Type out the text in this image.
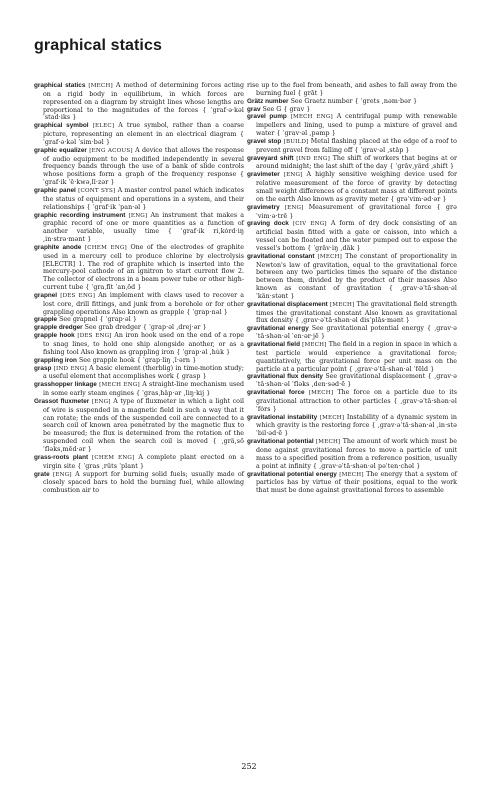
graphical statics

graphical statics [MECH] A method of determining forces acting on a rigid body in equilibrium, in which forces are represented on a diagram by straight lines whose lengths are proportional to the magnitudes of the forces { ˈgraf·ə·kəl ˈstad·iks }

graphical symbol [ELEC] A true symbol, rather than a coarse picture, representing an element in an electrical diagram { ˈgraf·ə·kəl ˈsim·bəl }

graphic equalizer [ENG ACOUS] A device that allows the response of audio equipment to be modified independently in several frequency bands through the use of a bank of slide controls whose positions form a graph of the frequency response { ˈgraf·ik ˈē·kwə‚lī·zər }

graphic panel [CONT SYS] A master control panel which indicates the status of equipment and operations in a system, and their relationships { ˈgraf·ik ˈpan·əl }

graphic recording instrument [ENG] An instrument that makes a graphic record of one or more quantities as a function of another variable, usually time { ˈgraf·ik ri‚kȯrd·iŋ ‚in·strə·mənt }

graphite anode [CHEM ENG] One of the electrodes of graphite used in a mercury cell to produce chlorine by electrolysis [ELECTR] 1. The rod of graphite which is inserted into the mercury-pool cathode of an ignitron to start current flow 2. The collector of electrons in a beam power tube or other high-current tube { ˈgraˌfīt ˈanˌōd }

grapnel [DES ENG] An implement with claws used to recover a lost core, drill fittings, and junk from a borehole or for other grappling operations Also known as grapple { ˈgrap·nəl }

grapple See grapnel { ˈgrap·əl }

grapple dredger See grab dredger { ˈgrap·əl ‚drej·ər }

grapple hook [DES ENG] An iron hook used on the end of a rope to snag lines, to hold one ship alongside another, or as a fishing tool Also known as grappling iron { ˈgrap·əl ‚hu̇k }

grappling iron See grapple hook { ˈgrap·liŋ ‚ī·ərn }

grasp [IND ENG] A basic element (therblig) in time-motion study; a useful element that accomplishes work { grasp }

grasshopper linkage [MECH ENG] A straight-line mechanism used in some early steam engines { ˈgrasˌhäp·ər ‚liŋ·kij }

Grassot fluxmeter [ENG] A type of fluxmeter in which a light coil of wire is suspended in a magnetic field in such a way that it can rotate; the ends of the suspended coil are connected to a search coil of known area penetrated by the magnetic flux to be measured; the flux is determined from the rotation of the suspended coil when the search coil is moved { ‚grä‚sō ˈfləks‚mēd·ər }

grass-roots plant [CHEM ENG] A complete plant erected on a virgin site { ˈgras ‚rüts ˈplant }

grate [ENG] A support for burning solid fuels; usually made of closely spaced bars to hold the burning fuel, while allowing combustion air to

rise up to the fuel from beneath, and ashes to fall away from the burning fuel { grāt }

Grätz number See Graetz number { ˈgrets ‚nəm·bər }

grav See G { grav }

gravel pump [MECH ENG] A centrifugal pump with renewable impellers and lining, used to pump a mixture of gravel and water { ˈgrav·əl ‚pəmp }

gravel stop [BUILD] Metal flashing placed at the edge of a roof to prevent gravel from falling off { ˈgrav·əl ‚stäp }

graveyard shift [IND ENG] The shift of workers that begins at or around midnight; the last shift of the day { ˈgrāv‚yärd ‚shift }

gravimeter [ENG] A highly sensitive weighing device used for relative measurement of the force of gravity by detecting small weight differences of a constant mass at different points on the earth Also known as gravity meter { grəˈvim·əd·ər }

gravimetry [ENG] Measurement of gravitational force { grəˈvim·ə·trē }

graving dock [CIV ENG] A form of dry dock consisting of an artificial basin fitted with a gate or caisson, into which a vessel can be floated and the water pumped out to expose the vessel's bottom { ˈgrāv·iŋ ‚däk }

gravitational constant [MECH] The constant of proportionality in Newton's law of gravitation, equal to the gravitational force between any two particles times the square of the distance between them, divided by the product of their masses Also known as constant of gravitation { ‚grav·əˈtā·shən·əl ˈkän·stənt }

gravitational displacement [MECH] The gravitational field strength times the gravitational constant Also known as gravitational flux density { ‚grav·əˈtā·shən·əl disˈplās·mənt }

gravitational energy See gravitational potential energy { ‚grav·əˈtā·shən·əl ˈen·ər·jē }

gravitational field [MECH] The field in a region in space in which a test particle would experience a gravitational force; quantitatively, the gravitational force per unit mass on the particle at a particular point { ‚grav·əˈtā·shən·əl ˈfēld }

gravitational flux density See gravitational displacement { ‚grav·əˈtā·shən·əl ˈfləks ‚den·səd·ē }

gravitational force [MECH] The force on a particle due to its gravitational attraction to other particles { ‚grav·əˈtā·shən·əl ˈfȯrs }

gravitational instability [MECH] Instability of a dynamic system in which gravity is the restoring force { ‚grav·əˈtā·shən·əl ‚in·stəˈbil·əd·ē }

gravitational potential [MECH] The amount of work which must be done against gravitational forces to move a particle of unit mass to a specified position from a reference position, usually a point at infinity { ‚grav·əˈtā·shən·əl pəˈten·chəl }

gravitational potential energy [MECH] The energy that a system of particles has by virtue of their positions, equal to the work that must be done against gravitational forces to assemble

252
